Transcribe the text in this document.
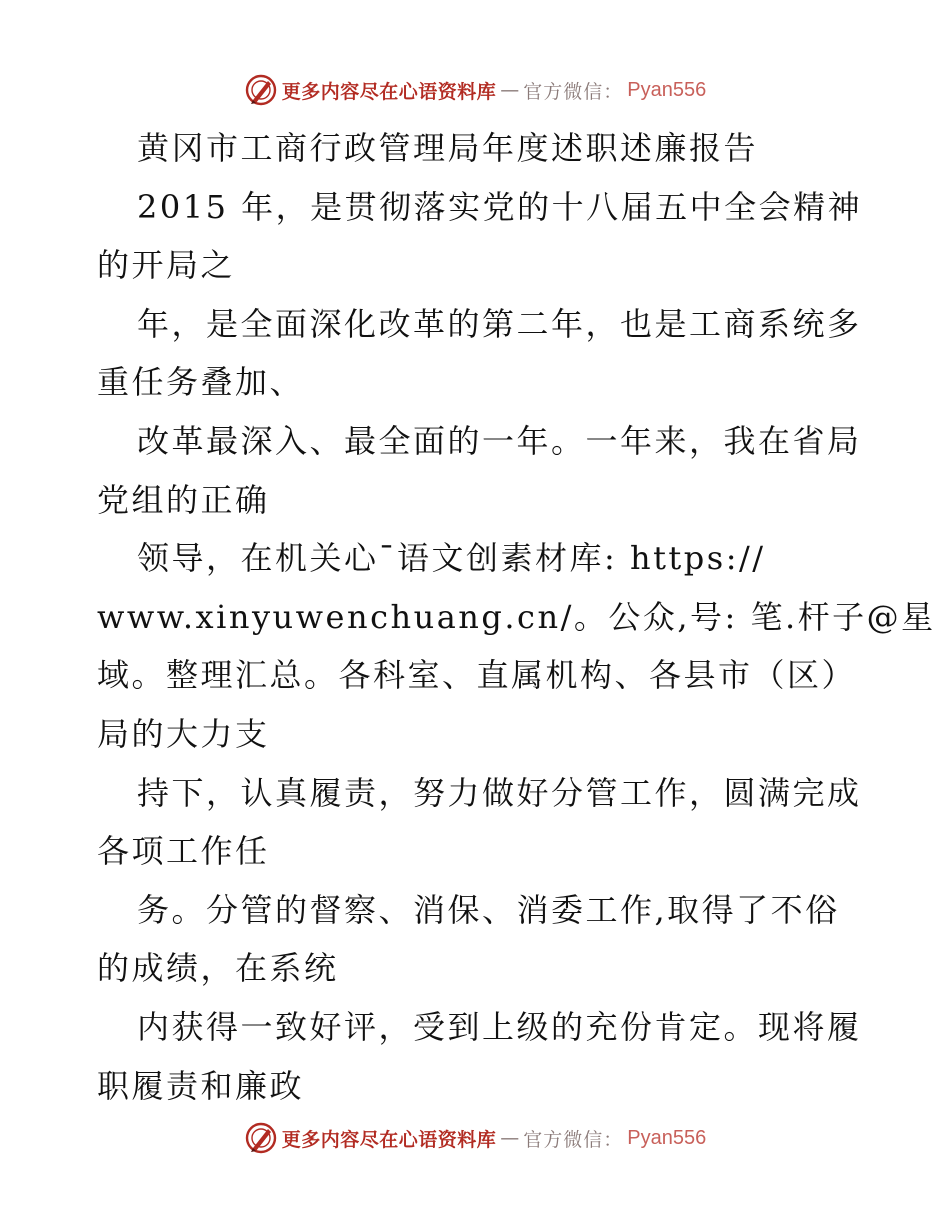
更多内容尽在心语资料库 — 官方微信： Pyan556
黄冈市工商行政管理局年度述职述廉报告
2015 年，是贯彻落实党的十八届五中全会精神
的开局之
年，是全面深化改革的第二年，也是工商系统多
重任务叠加、
改革最深入、最全面的一年。一年来，我在省局
党组的正确
领导，在机关心¯语文创素材库: https://
www.xinyuwenchuang.cn/。公众,号: 笔.杆子@星
域。整理汇总。各科室、直属机构、各县市（区）
局的大力支
持下，认真履责，努力做好分管工作，圆满完成
各项工作任
务。分管的督察、消保、消委工作,取得了不俗
的成绩，在系统
内获得一致好评，受到上级的充份肯定。现将履
职履责和廉政
更多内容尽在心语资料库 — 官方微信： Pyan556
